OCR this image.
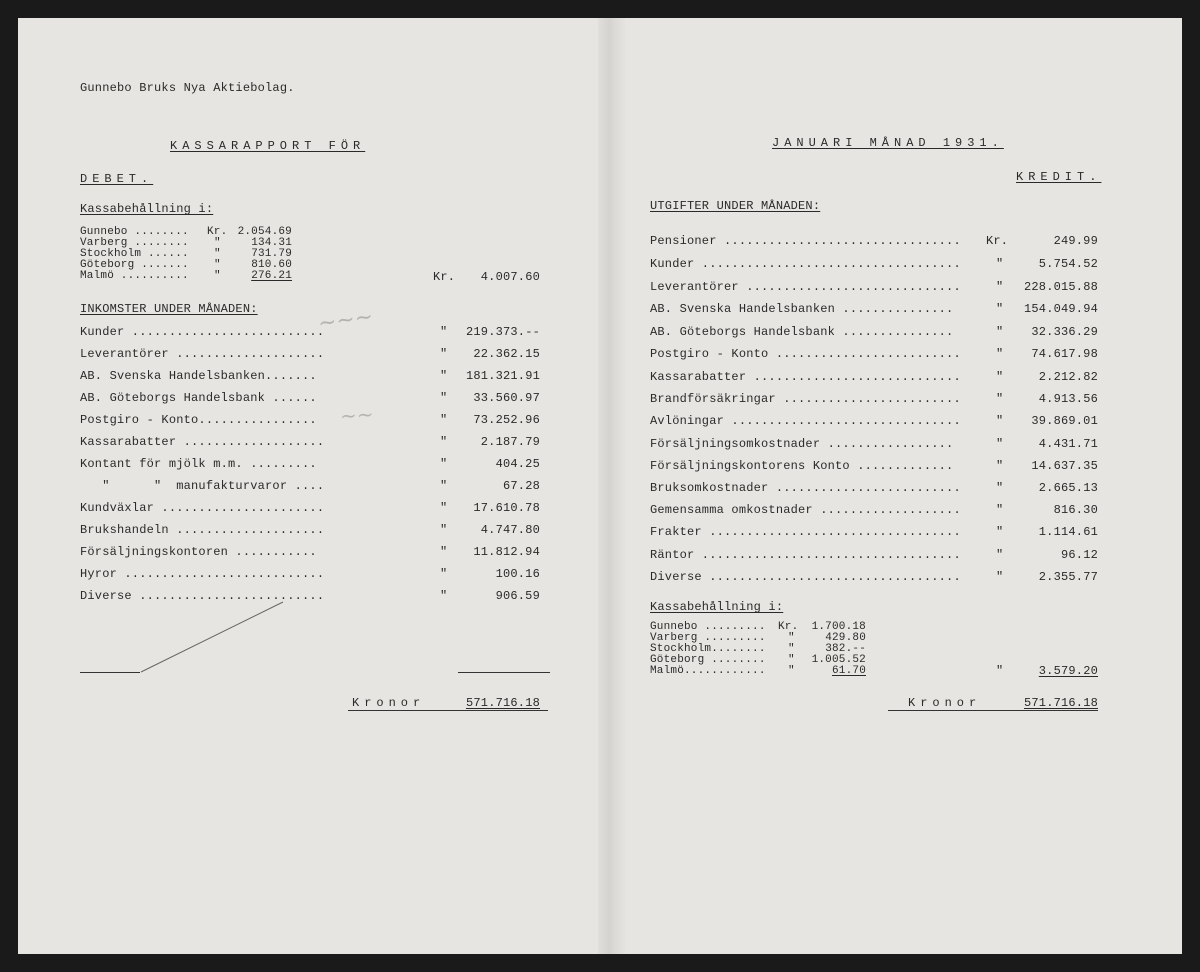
~~~
~~
Gunnebo Bruks Nya Aktiebolag.
KASSARAPPORT FÖR
DEBET.
Kassabehållning i:
Gunnebo ........ Kr. 2.054.69
Varberg ........ "	134.31
Stockholm ...... "	731.79
Göteborg ....... "	810.60
Malmö .......... "	276.21	Kr.	4.007.60
INKOMSTER UNDER MÅNADEN:
Kunder ..........................	"	219.373.--
Leverantörer ....................	"	22.362.15
AB. Svenska Handelsbanken.......	"	181.321.91
AB. Göteborgs Handelsbank ......	"	33.560.97
Postgiro - Konto................	"	73.252.96
Kassarabatter ...................	"	2.187.79
Kontant för mjölk m.m. .........	"	404.25
"      "  manufakturvaror ....	"	67.28
Kundväxlar ......................	"	17.610.78
Brukshandeln ....................	"	4.747.80
Försäljningskontoren ...........	"	11.812.94
Hyror ...........................	"	100.16
Diverse .........................	"	906.59
Kronor	571.716.18
JANUARI MÅNAD 1931.
KREDIT.
UTGIFTER UNDER MÅNADEN:
Pensioner ................................ Kr.	249.99
Kunder ...................................	"	5.754.52
Leverantörer .............................	"	228.015.88
AB. Svenska Handelsbanken ...............	"	154.049.94
AB. Göteborgs Handelsbank ...............	"	32.336.29
Postgiro - Konto .........................	"	74.617.98
Kassarabatter ............................	"	2.212.82
Brandförsäkringar ........................	"	4.913.56
Avlöningar ...............................	"	39.869.01
Försäljningsomkostnader .................	"	4.431.71
Försäljningskontorens Konto .............	"	14.637.35
Bruksomkostnader .........................	"	2.665.13
Gemensamma omkostnader ...................	"	816.30
Frakter ..................................	"	1.114.61
Räntor ...................................	"	96.12
Diverse ..................................	"	2.355.77
Kassabehållning i:
Gunnebo ......... Kr.	1.700.18
Varberg ......... "	429.80
Stockholm........ "	382.--
Göteborg ........ "	1.005.52
Malmö............ "	61.70	"	3.579.20
Kronor	571.716.18
